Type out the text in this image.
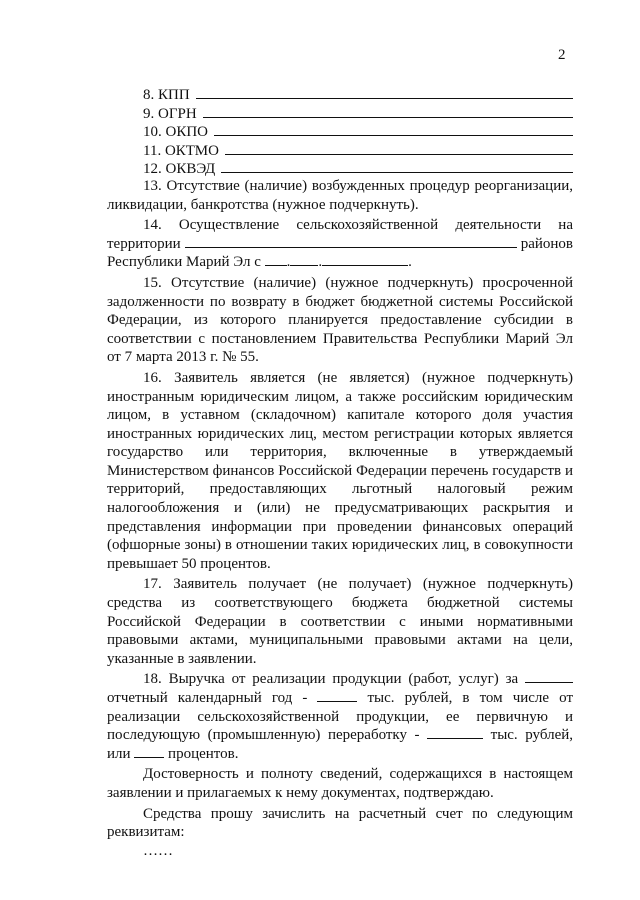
2
8. КПП
9. ОГРН
10. ОКПО
11. ОКТМО
12. ОКВЭД

13. Отсутствие (наличие) возбужденных процедур реорганизации, ликвидации, банкротства (нужное подчеркнуть).

14. Осуществление сельскохозяйственной деятельности на территории	районов Республики Марий Эл с . .	.

15. Отсутствие (наличие) (нужное подчеркнуть) просроченной задолженности по возврату в бюджет бюджетной системы Российской Федерации, из которого планируется предоставление субсидии в соответствии с постановлением Правительства Республики Марий Эл от 7 марта 2013 г. № 55.

16. Заявитель является (не является) (нужное подчеркнуть) иностранным юридическим лицом, а также российским юридическим лицом, в уставном (складочном) капитале которого доля участия иностранных юридических лиц, местом регистрации которых является государство или территория, включенные в утверждаемый Министерством финансов Российской Федерации перечень государств и территорий, предоставляющих льготный налоговый режим налогообложения и (или) не предусматривающих раскрытия и представления информации при проведении финансовых операций (офшорные зоны) в отношении таких юридических лиц, в совокупности превышает 50 процентов.

17. Заявитель получает (не получает) (нужное подчеркнуть) средства из соответствующего бюджета бюджетной системы Российской Федерации в соответствии с иными нормативными правовыми актами, муниципальными правовыми актами на цели, указанные в заявлении.

18. Выручка от реализации продукции (работ, услуг) за  отчетный календарный год -	тыс. рублей, в том числе от реализации сельскохозяйственной продукции, ее первичную и последующую (промышленную) переработку -	тыс. рублей, или	процентов.

Достоверность и полноту сведений, содержащихся в настоящем заявлении и прилагаемых к нему документах, подтверждаю.

Средства прошу зачислить на расчетный счет по следующим реквизитам:

……
